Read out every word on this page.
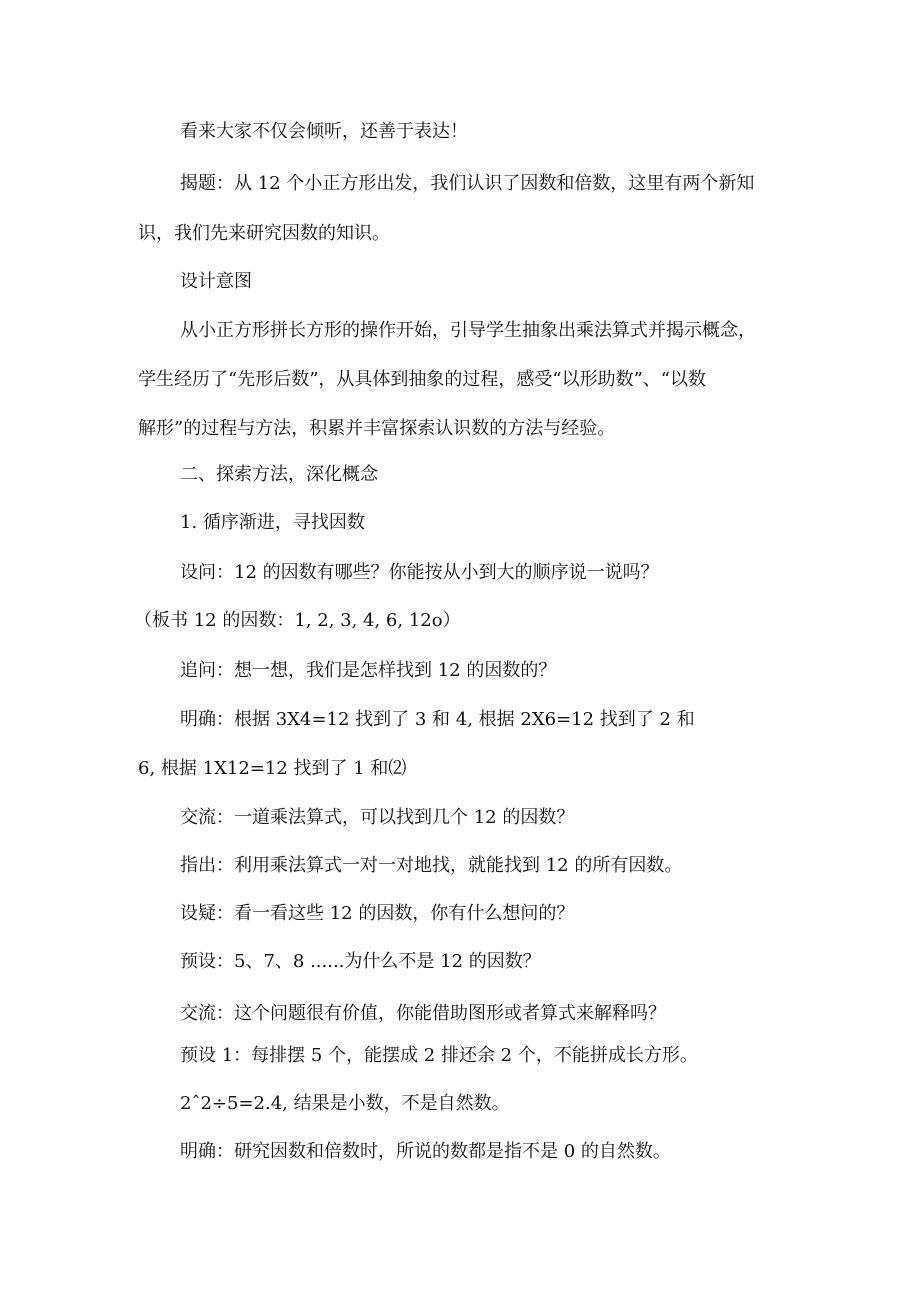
看来大家不仅会倾听，还善于表达！
揭题：从 12 个小正方形出发，我们认识了因数和倍数，这里有两个新知
识，我们先来研究因数的知识。
设计意图
从小正方形拼长方形的操作开始，引导学生抽象出乘法算式并揭示概念，
学生经历了“先形后数”，从具体到抽象的过程，感受“以形助数”、“以数
解形”的过程与方法，积累并丰富探索认识数的方法与经验。
二、探索方法，深化概念
1. 循序渐进，寻找因数
设问：12 的因数有哪些？你能按从小到大的顺序说一说吗？
（板书 12 的因数：1, 2, 3, 4, 6, 12o）
追问：想一想，我们是怎样找到 12 的因数的？
明确：根据 3X4=12 找到了 3 和 4, 根据 2X6=12 找到了 2 和
6, 根据 1X12=12 找到了 1 和⑵
交流：一道乘法算式，可以找到几个 12 的因数？
指出：利用乘法算式一对一对地找，就能找到 12 的所有因数。
设疑：看一看这些 12 的因数，你有什么想问的？
预设：5、7、8 ......为什么不是 12 的因数？
交流：这个问题很有价值，你能借助图形或者算式来解释吗？
预设 1：每排摆 5 个，能摆成 2 排还余 2 个，不能拼成长方形。
2ˆ2÷5=2.4, 结果是小数，不是自然数。
明确：研究因数和倍数时，所说的数都是指不是 0 的自然数。
